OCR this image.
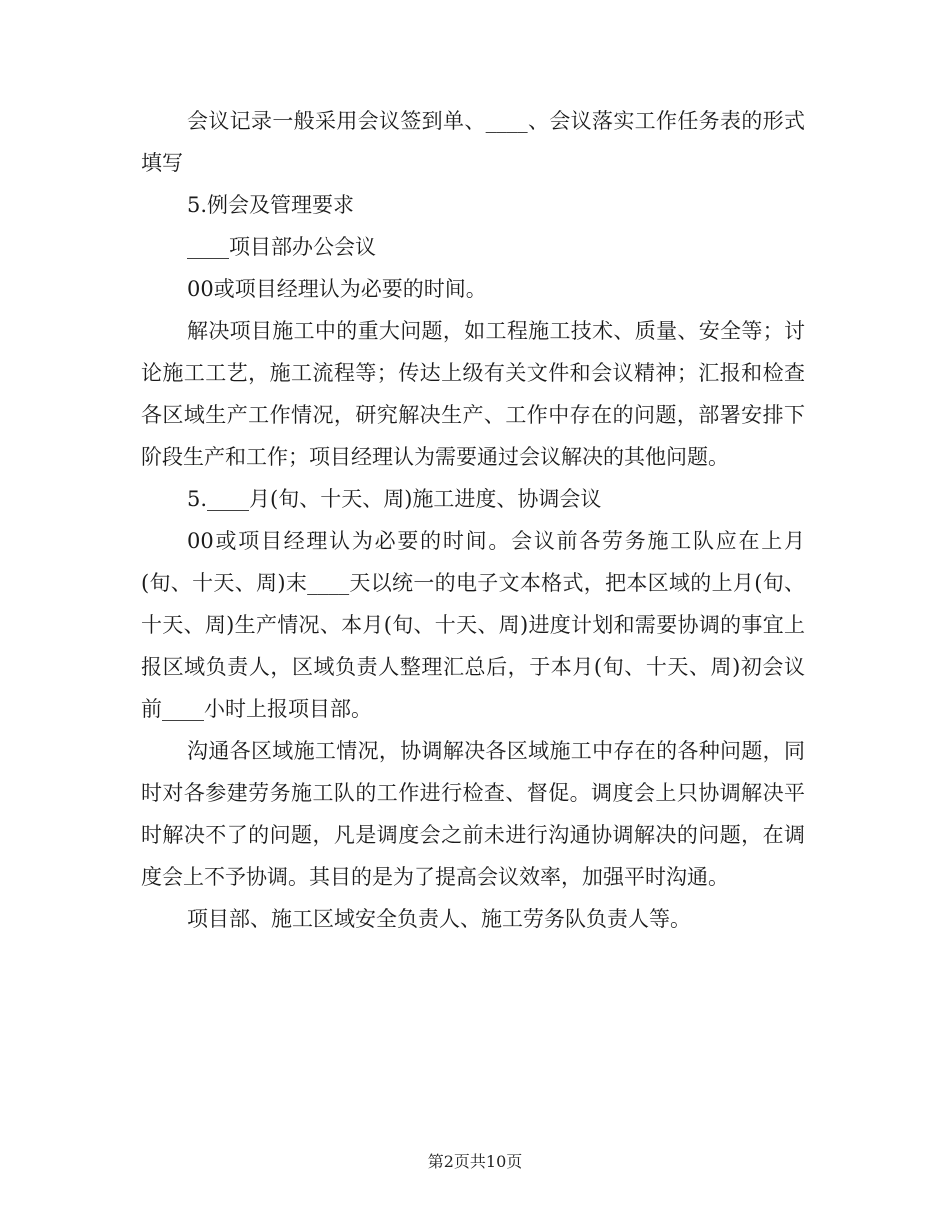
会议记录一般采用会议签到单、____、会议落实工作任务表的形式填写

5.例会及管理要求

____项目部办公会议

00或项目经理认为必要的时间。

解决项目施工中的重大问题，如工程施工技术、质量、安全等；讨论施工工艺，施工流程等；传达上级有关文件和会议精神；汇报和检查各区域生产工作情况，研究解决生产、工作中存在的问题，部署安排下阶段生产和工作；项目经理认为需要通过会议解决的其他问题。

5.____月(旬、十天、周)施工进度、协调会议

00或项目经理认为必要的时间。会议前各劳务施工队应在上月(旬、十天、周)末____天以统一的电子文本格式，把本区域的上月(旬、十天、周)生产情况、本月(旬、十天、周)进度计划和需要协调的事宜上报区域负责人，区域负责人整理汇总后，于本月(旬、十天、周)初会议前____小时上报项目部。

沟通各区域施工情况，协调解决各区域施工中存在的各种问题，同时对各参建劳务施工队的工作进行检查、督促。调度会上只协调解决平时解决不了的问题，凡是调度会之前未进行沟通协调解决的问题，在调度会上不予协调。其目的是为了提高会议效率，加强平时沟通。

项目部、施工区域安全负责人、施工劳务队负责人等。

第2页共10页
